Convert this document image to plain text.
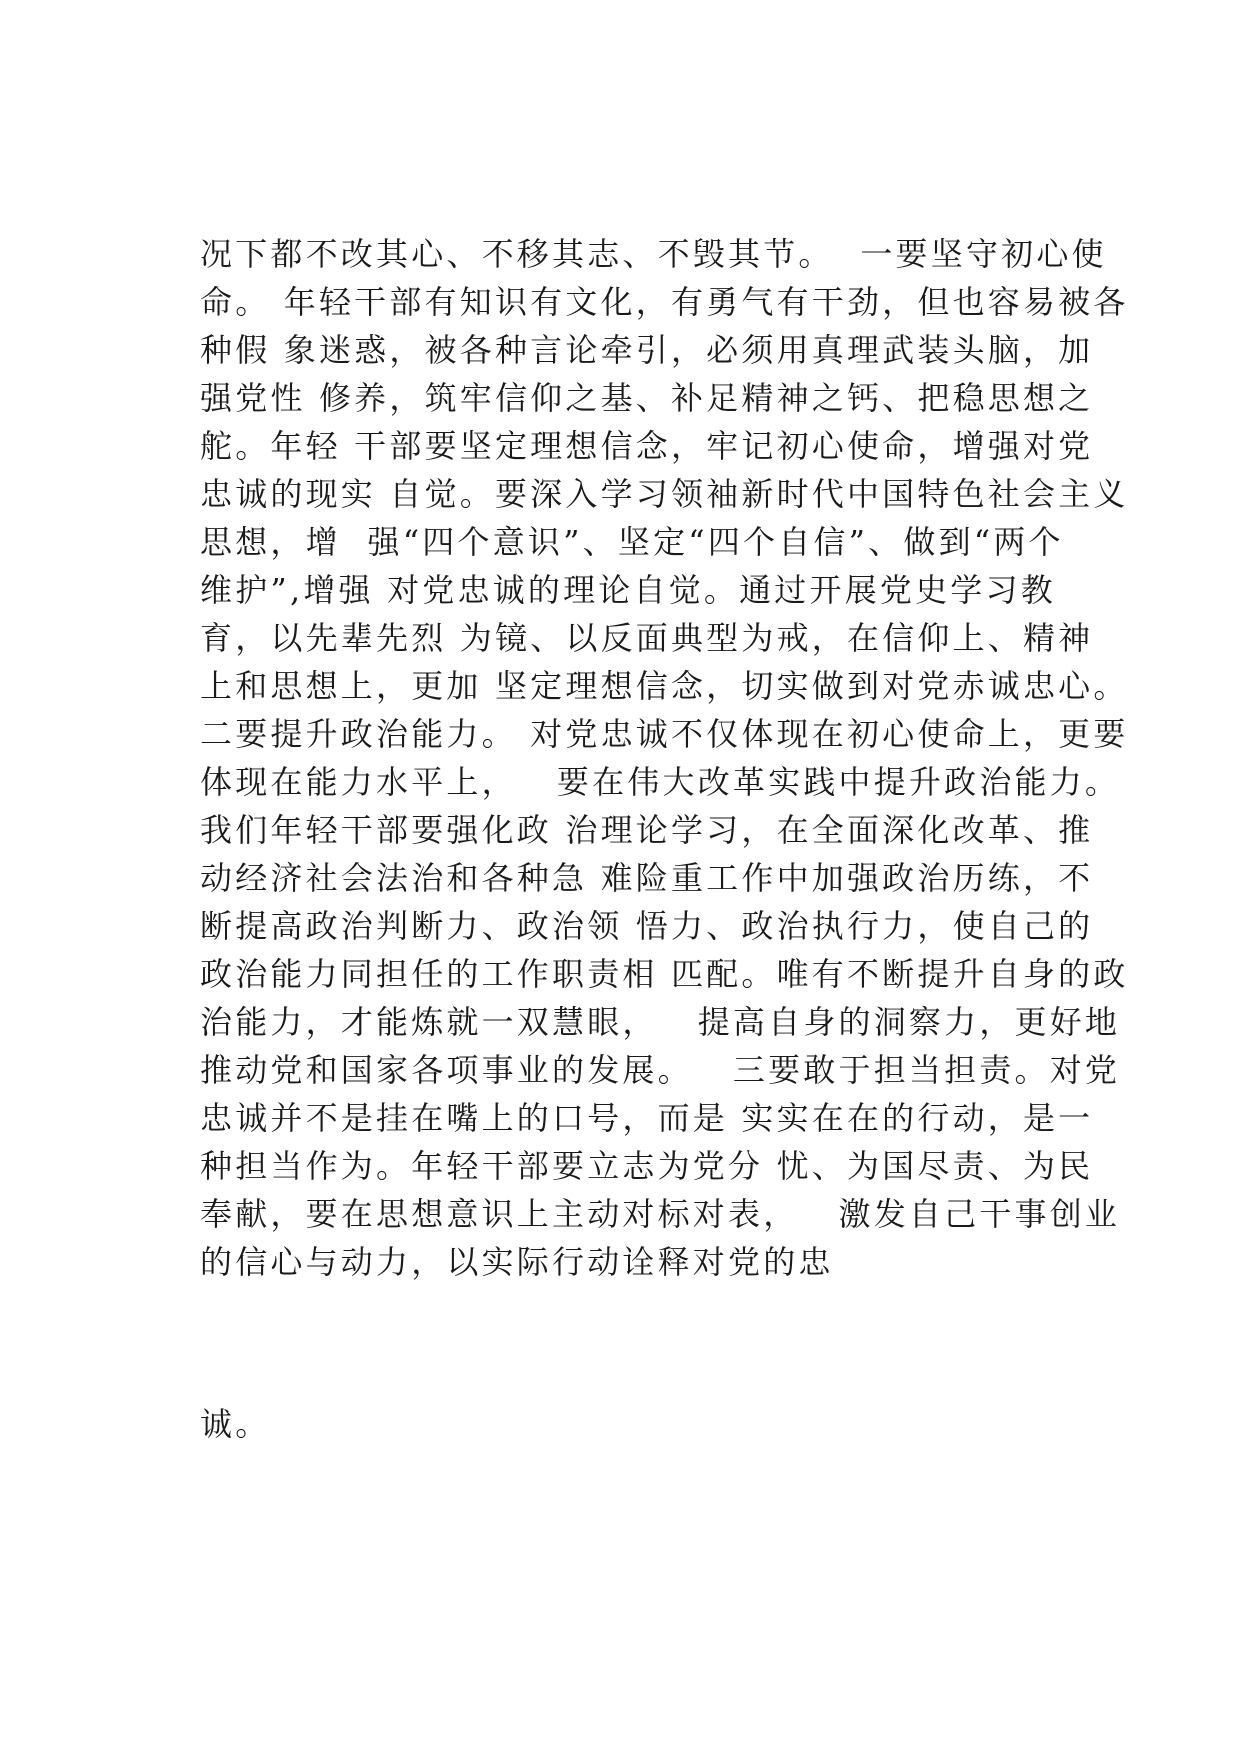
况下都不改其心、不移其志、不毁其节。  一要坚守初心使
命。 年轻干部有知识有文化，有勇气有干劲，但也容易被各
种假 象迷惑，被各种言论牵引，必须用真理武装头脑，加
强党性 修养，筑牢信仰之基、补足精神之钙、把稳思想之
舵。年轻 干部要坚定理想信念，牢记初心使命，增强对党
忠诚的现实 自觉。要深入学习领袖新时代中国特色社会主义
思想，增  强“四个意识”、坚定“四个自信”、做到“两个
维护”,增强 对党忠诚的理论自觉。通过开展党史学习教
育，以先辈先烈 为镜、以反面典型为戒，在信仰上、精神
上和思想上，更加 坚定理想信念，切实做到对党赤诚忠心。
二要提升政治能力。 对党忠诚不仅体现在初心使命上，更要
体现在能力水平上，   要在伟大改革实践中提升政治能力。
我们年轻干部要强化政 治理论学习，在全面深化改革、推
动经济社会法治和各种急 难险重工作中加强政治历练，不
断提高政治判断力、政治领 悟力、政治执行力，使自己的
政治能力同担任的工作职责相 匹配。唯有不断提升自身的政
治能力，才能炼就一双慧眼，   提高自身的洞察力，更好地
推动党和国家各项事业的发展。   三要敢于担当担责。对党
忠诚并不是挂在嘴上的口号，而是 实实在在的行动，是一
种担当作为。年轻干部要立志为党分 忧、为国尽责、为民
奉献，要在思想意识上主动对标对表，   激发自己干事创业
的信心与动力，以实际行动诠释对党的忠
诚。
